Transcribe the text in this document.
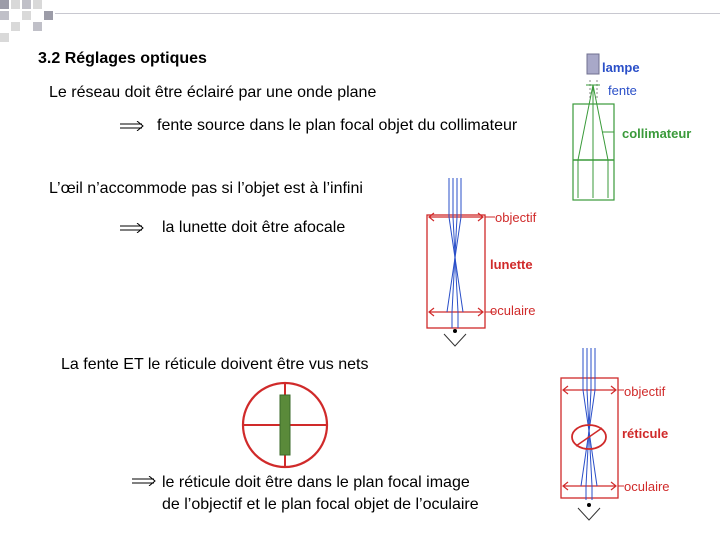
3.2 Réglages optiques
Le réseau doit être éclairé par une onde plane
fente source dans le plan focal objet du collimateur
L’œil n’accommode pas si l’objet est à l’infini
la lunette doit être afocale
La fente ET le réticule doivent être vus nets
le réticule doit être dans le plan focal image
de l’objectif et le plan focal objet de l’oculaire
lampe
fente
collimateur
objectif
lunette
oculaire
objectif
réticule
oculaire
